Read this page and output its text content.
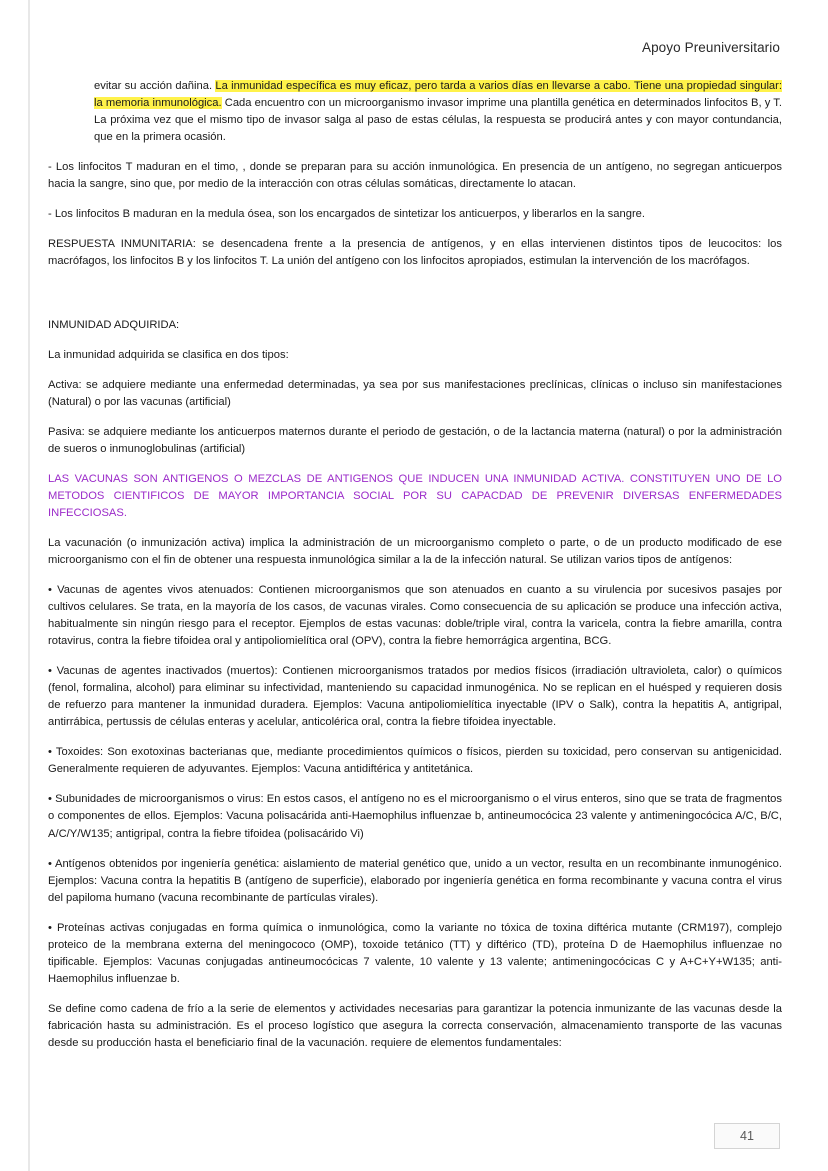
Apoyo Preuniversitario

evitar su acción dañina. La inmunidad específica es muy eficaz, pero tarda a varios días en llevarse a cabo. Tiene una propiedad singular: la memoria inmunológica. Cada encuentro con un microorganismo invasor imprime una plantilla genética en determinados linfocitos B, y T. La próxima vez que el mismo tipo de invasor salga al paso de estas células, la respuesta se producirá antes y con mayor contundancia, que en la primera ocasión.

- Los linfocitos T maduran en el timo, , donde se preparan para su acción inmunológica. En presencia de un antígeno, no segregan anticuerpos hacia la sangre, sino que, por medio de la interacción con otras células somáticas, directamente lo atacan.

- Los linfocitos B maduran en la medula ósea, son los encargados de sintetizar los anticuerpos, y liberarlos en la sangre.

RESPUESTA INMUNITARIA: se desencadena frente a la presencia de antígenos, y en ellas intervienen distintos tipos de leucocitos: los macrófagos, los linfocitos B y los linfocitos T. La unión del antígeno con los linfocitos apropiados, estimulan la intervención de los macrófagos.

INMUNIDAD ADQUIRIDA:

La inmunidad adquirida se clasifica en dos tipos:

Activa: se adquiere mediante una enfermedad determinadas, ya sea por sus manifestaciones preclínicas, clínicas o incluso sin manifestaciones (Natural) o por las vacunas (artificial)

Pasiva: se adquiere mediante los anticuerpos maternos durante el periodo de gestación, o de la lactancia materna (natural) o por la administración de sueros o inmunoglobulinas (artificial)

LAS VACUNAS SON ANTIGENOS O MEZCLAS DE ANTIGENOS QUE INDUCEN UNA INMUNIDAD ACTIVA. CONSTITUYEN UNO DE LO METODOS CIENTIFICOS DE MAYOR IMPORTANCIA SOCIAL POR SU CAPACDAD DE PREVENIR DIVERSAS ENFERMEDADES INFECCIOSAS.

La vacunación (o inmunización activa) implica la administración de un microorganismo completo o parte, o de un producto modificado de ese microorganismo con el fin de obtener una respuesta inmunológica similar a la de la infección natural. Se utilizan varios tipos de antígenos:

• Vacunas de agentes vivos atenuados: Contienen microorganismos que son atenuados en cuanto a su virulencia por sucesivos pasajes por cultivos celulares. Se trata, en la mayoría de los casos, de vacunas virales. Como consecuencia de su aplicación se produce una infección activa, habitualmente sin ningún riesgo para el receptor. Ejemplos de estas vacunas: doble/triple viral, contra la varicela, contra la fiebre amarilla, contra rotavirus, contra la fiebre tifoidea oral y antipoliomielítica oral (OPV), contra la fiebre hemorrágica argentina, BCG.

• Vacunas de agentes inactivados (muertos): Contienen microorganismos tratados por medios físicos (irradiación ultravioleta, calor) o químicos (fenol, formalina, alcohol) para eliminar su infectividad, manteniendo su capacidad inmunogénica. No se replican en el huésped y requieren dosis de refuerzo para mantener la inmunidad duradera. Ejemplos: Vacuna antipoliomielítica inyectable (IPV o Salk), contra la hepatitis A, antigripal, antirrábica, pertussis de células enteras y acelular, anticolérica oral, contra la fiebre tifoidea inyectable.

• Toxoides: Son exotoxinas bacterianas que, mediante procedimientos químicos o físicos, pierden su toxicidad, pero conservan su antigenicidad. Generalmente requieren de adyuvantes. Ejemplos: Vacuna antidiftérica y antitetánica.

• Subunidades de microorganismos o virus: En estos casos, el antígeno no es el microorganismo o el virus enteros, sino que se trata de fragmentos o componentes de ellos. Ejemplos: Vacuna polisacárida anti-Haemophilus influenzae b, antineumocócica 23 valente y antimeningocócica A/C, B/C, A/C/Y/W135; antigripal, contra la fiebre tifoidea (polisacárido Vi)

• Antígenos obtenidos por ingeniería genética: aislamiento de material genético que, unido a un vector, resulta en un recombinante inmunogénico. Ejemplos: Vacuna contra la hepatitis B (antígeno de superficie), elaborado por ingeniería genética en forma recombinante y vacuna contra el virus del papiloma humano (vacuna recombinante de partículas virales).

• Proteínas activas conjugadas en forma química o inmunológica, como la variante no tóxica de toxina diftérica mutante (CRM197), complejo proteico de la membrana externa del meningococo (OMP), toxoide tetánico (TT) y diftérico (TD), proteína D de Haemophilus influenzae no tipificable. Ejemplos: Vacunas conjugadas antineumocócicas 7 valente, 10 valente y 13 valente; antimeningocócicas C y A+C+Y+W135; anti-Haemophilus influenzae b.

Se define como cadena de frío a la serie de elementos y actividades necesarias para garantizar la potencia inmunizante de las vacunas desde la fabricación hasta su administración. Es el proceso logístico que asegura la correcta conservación, almacenamiento transporte de las vacunas desde su producción hasta el beneficiario final de la vacunación. requiere de elementos fundamentales:

41
